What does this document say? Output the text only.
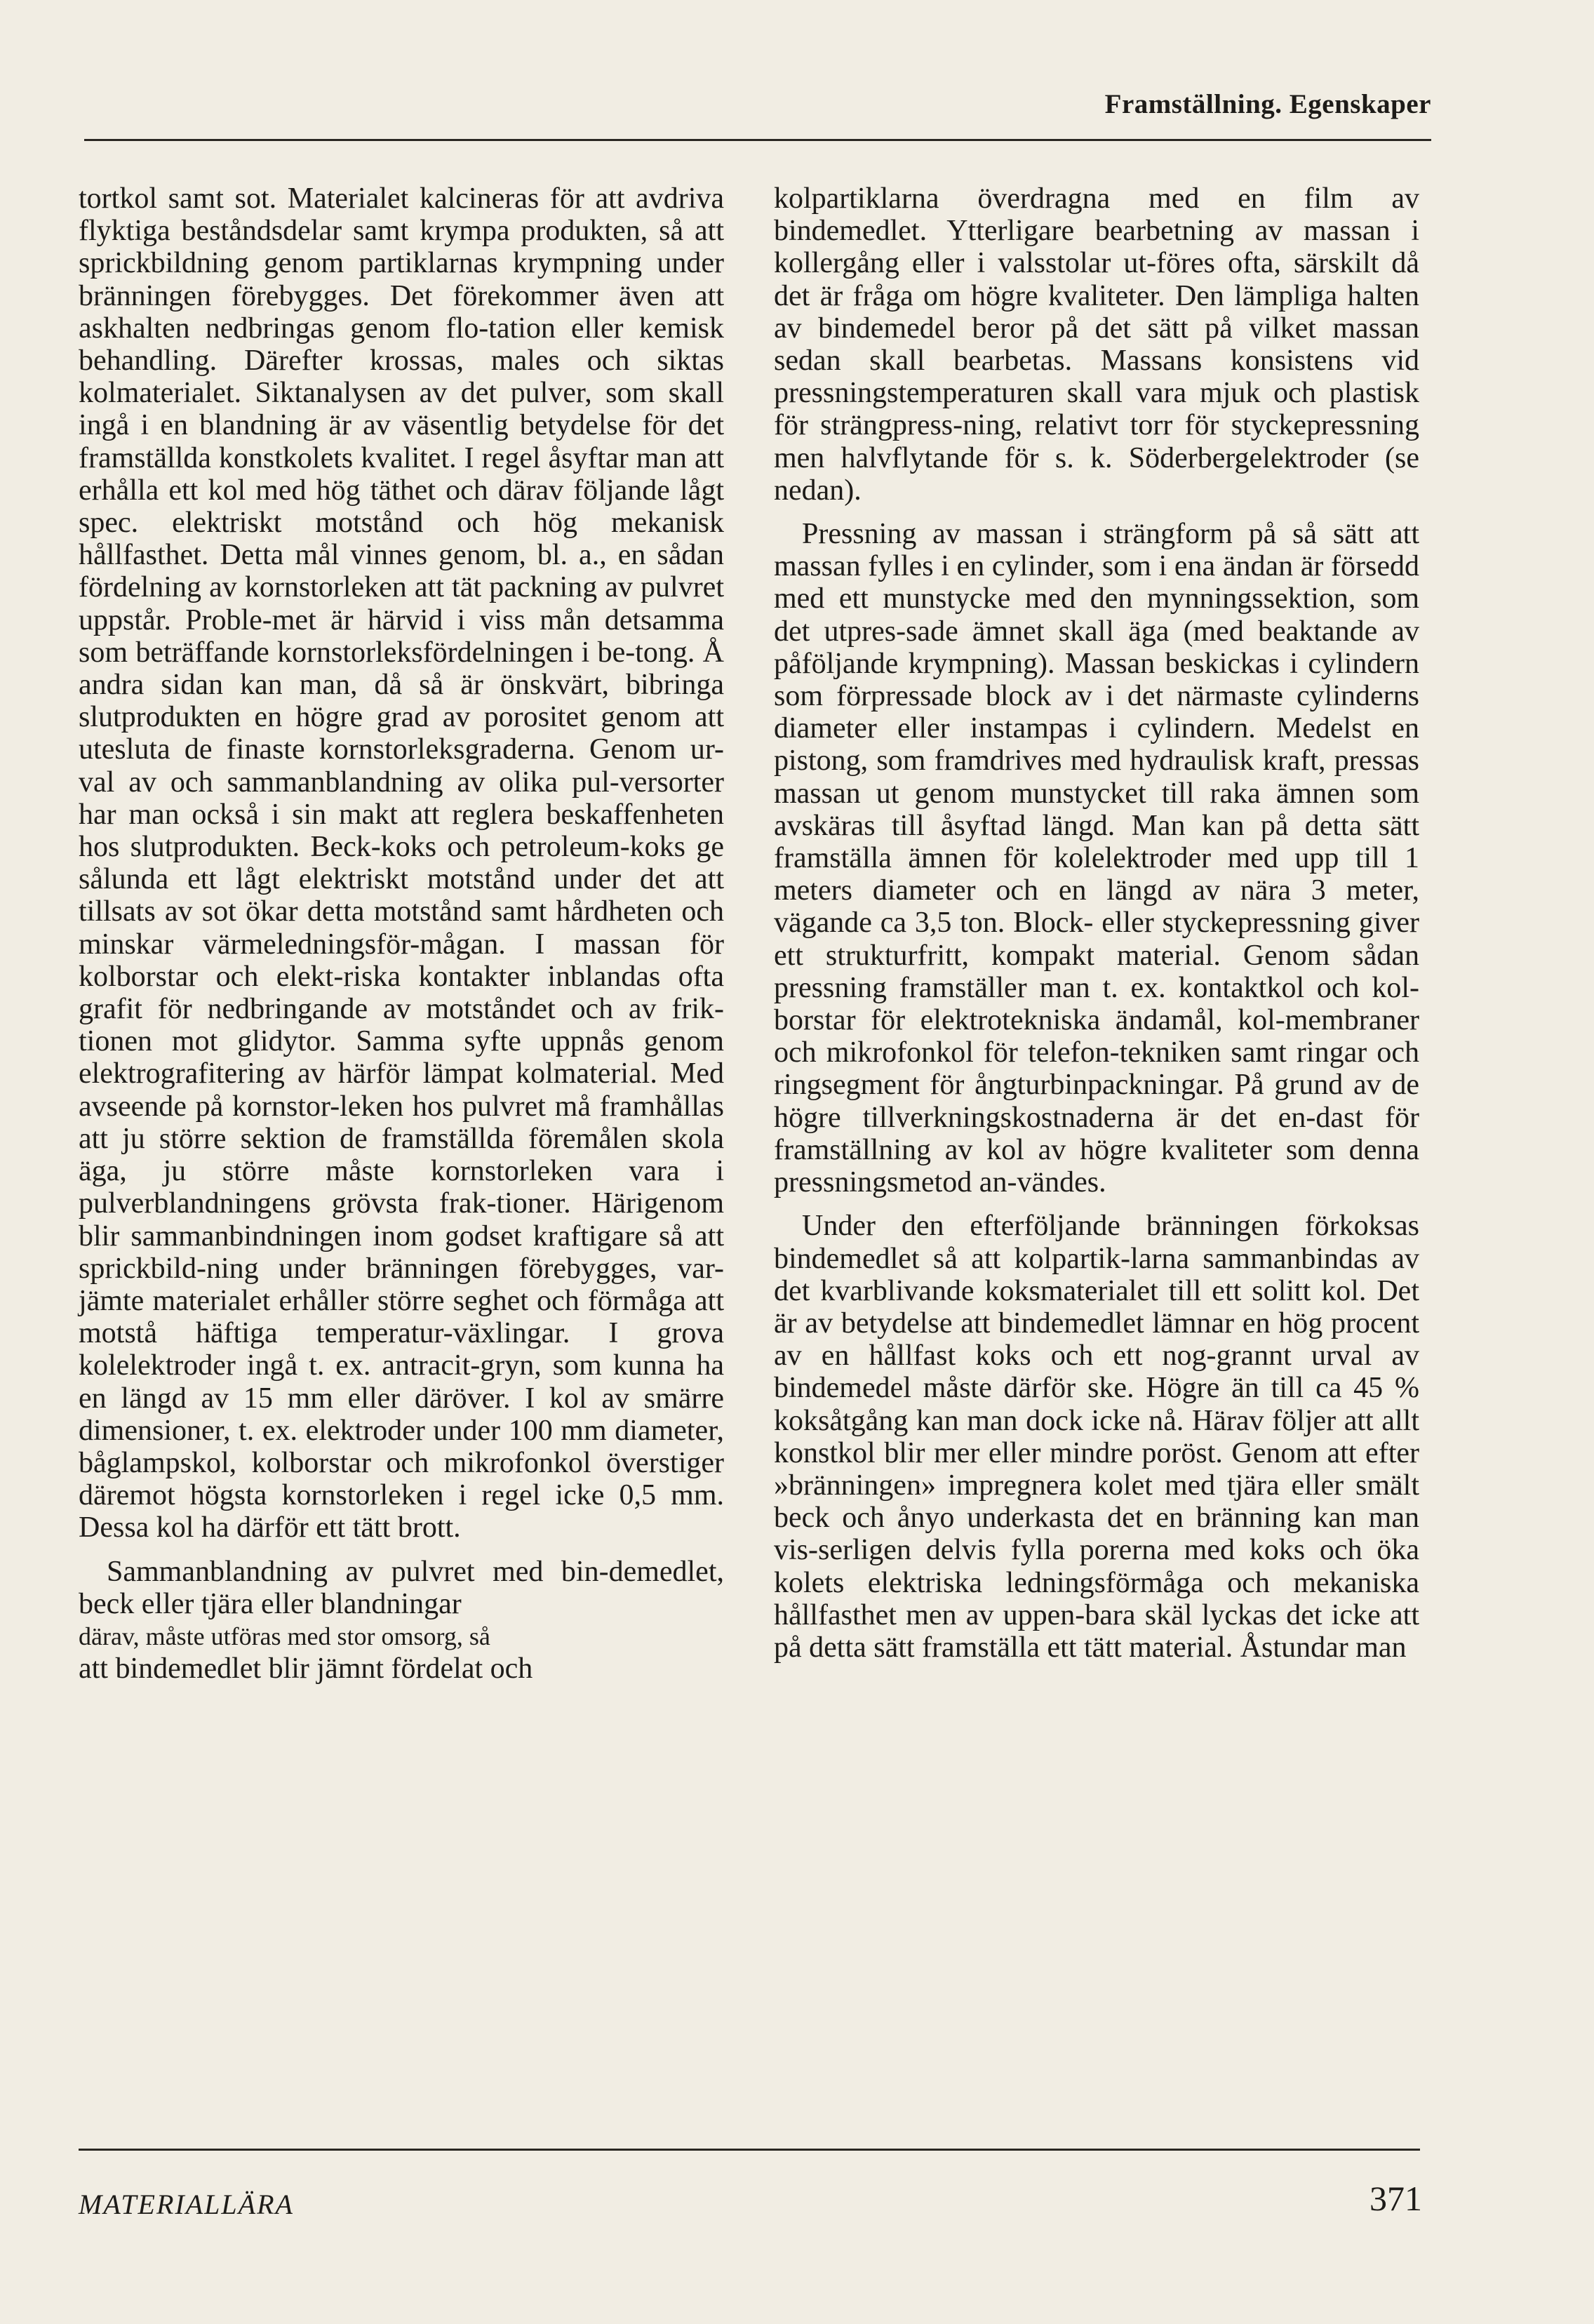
Framställning. Egenskaper

tortkol samt sot. Materialet kalcineras för att avdriva flyktiga beståndsdelar samt krympa produkten, så att sprickbildning genom partiklarnas krympning under bränningen förebygges. Det förekommer även att askhalten nedbringas genom flo-tation eller kemisk behandling. Därefter krossas, males och siktas kolmaterialet. Siktanalysen av det pulver, som skall ingå i en blandning är av väsentlig betydelse för det framställda konstkolets kvalitet. I regel åsyftar man att erhålla ett kol med hög täthet och därav följande lågt spec. elektriskt motstånd och hög mekanisk hållfasthet. Detta mål vinnes genom, bl. a., en sådan fördelning av kornstorleken att tät packning av pulvret uppstår. Proble-met är härvid i viss mån detsamma som beträffande kornstorleksfördelningen i be-tong. Å andra sidan kan man, då så är önskvärt, bibringa slutprodukten en högre grad av porositet genom att utesluta de finaste kornstorleksgraderna. Genom ur-val av och sammanblandning av olika pul-versorter har man också i sin makt att reglera beskaffenheten hos slutprodukten. Beck-koks och petroleum-koks ge sålunda ett lågt elektriskt motstånd under det att tillsats av sot ökar detta motstånd samt hårdheten och minskar värmeledningsför-mågan. I massan för kolborstar och elekt-riska kontakter inblandas ofta grafit för nedbringande av motståndet och av frik-tionen mot glidytor. Samma syfte uppnås genom elektrografitering av härför lämpat kolmaterial. Med avseende på kornstor-leken hos pulvret må framhållas att ju större sektion de framställda föremålen skola äga, ju större måste kornstorleken vara i pulverblandningens grövsta frak-tioner. Härigenom blir sammanbindningen inom godset kraftigare så att sprickbild-ning under bränningen förebygges, var-jämte materialet erhåller större seghet och förmåga att motstå häftiga temperatur-växlingar. I grova kolelektroder ingå t. ex. antracit-gryn, som kunna ha en längd av 15 mm eller däröver. I kol av smärre dimensioner, t. ex. elektroder under 100 mm diameter, båglampskol, kolborstar och mikrofonkol överstiger däremot högsta kornstorleken i regel icke 0,5 mm. Dessa kol ha därför ett tätt brott.

Sammanblandning av pulvret med bin-demedlet, beck eller tjära eller blandningar

därav, måste utföras med stor omsorg, så

att bindemedlet blir jämnt fördelat och

kolpartiklarna överdragna med en film av bindemedlet. Ytterligare bearbetning av massan i kollergång eller i valsstolar ut-föres ofta, särskilt då det är fråga om högre kvaliteter. Den lämpliga halten av bindemedel beror på det sätt på vilket massan sedan skall bearbetas. Massans konsistens vid pressningstemperaturen skall vara mjuk och plastisk för strängpress-ning, relativt torr för styckepressning men halvflytande för s. k. Söderbergelektroder (se nedan).

Pressning av massan i strängform på så sätt att massan fylles i en cylinder, som i ena ändan är försedd med ett munstycke med den mynningssektion, som det utpres-sade ämnet skall äga (med beaktande av påföljande krympning). Massan beskickas i cylindern som förpressade block av i det närmaste cylinderns diameter eller instampas i cylindern. Medelst en pistong, som framdrives med hydraulisk kraft, pressas massan ut genom munstycket till raka ämnen som avskäras till åsyftad längd. Man kan på detta sätt framställa ämnen för kolelektroder med upp till 1 meters diameter och en längd av nära 3 meter, vägande ca 3,5 ton. Block- eller styckepressning giver ett strukturfritt, kompakt material. Genom sådan pressning framställer man t. ex. kontaktkol och kol-borstar för elektrotekniska ändamål, kol-membraner och mikrofonkol för telefon-tekniken samt ringar och ringsegment för ångturbinpackningar. På grund av de högre tillverkningskostnaderna är det en-dast för framställning av kol av högre kvaliteter som denna pressningsmetod an-vändes.

Under den efterföljande bränningen förkoksas bindemedlet så att kolpartik-larna sammanbindas av det kvarblivande koksmaterialet till ett solitt kol. Det är av betydelse att bindemedlet lämnar en hög procent av en hållfast koks och ett nog-grannt urval av bindemedel måste därför ske. Högre än till ca 45 % koksåtgång kan man dock icke nå. Härav följer att allt konstkol blir mer eller mindre poröst. Genom att efter »bränningen» impregnera kolet med tjära eller smält beck och ånyo underkasta det en bränning kan man vis-serligen delvis fylla porerna med koks och öka kolets elektriska ledningsförmåga och mekaniska hållfasthet men av uppen-bara skäl lyckas det icke att på detta sätt framställa ett tätt material. Åstundar man

MATERIALLÄRA	371
